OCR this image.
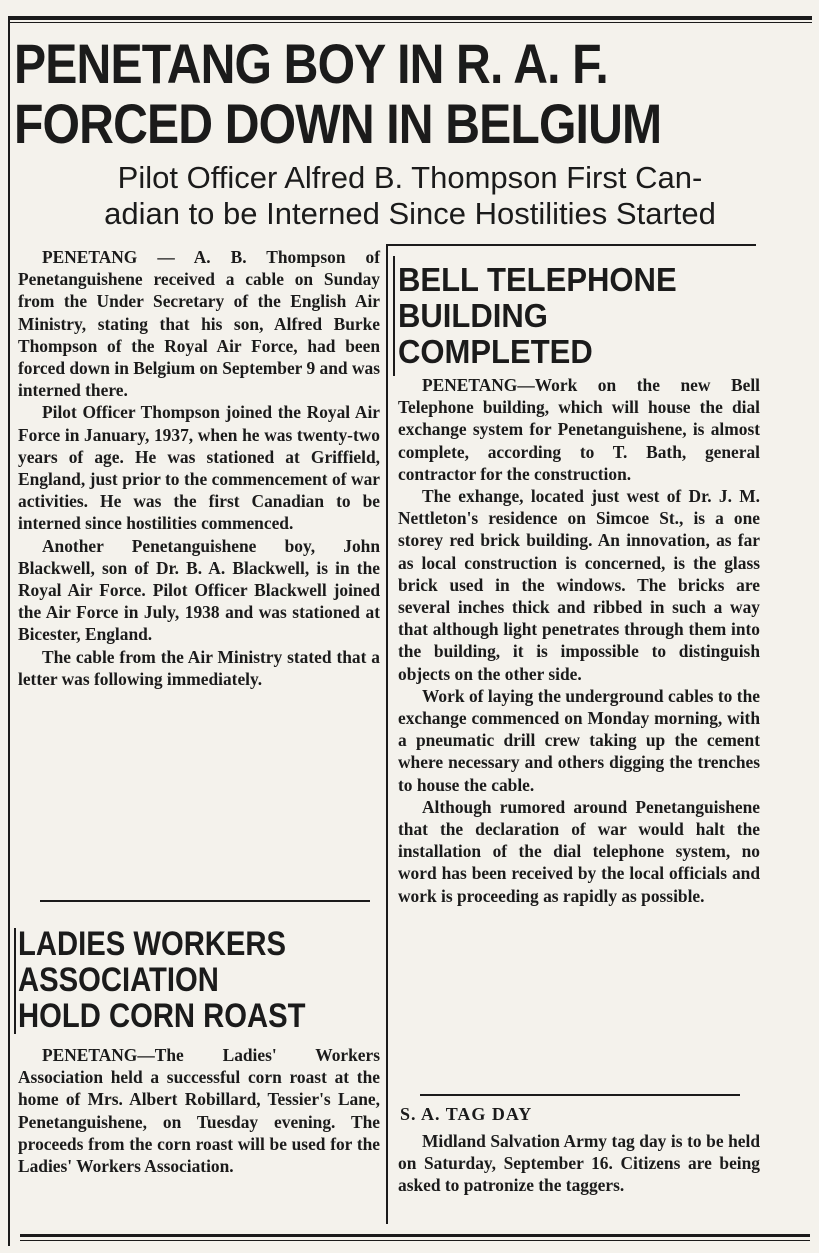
PENETANG BOY IN R. A. F.
FORCED DOWN IN BELGIUM
Pilot Officer Alfred B. Thompson First Can-
adian to be Interned Since Hostilities Started

PENETANG — A. B. Thompson of Penetanguishene received a cable on Sunday from the Under Secretary of the English Air Ministry, stating that his son, Alfred Burke Thompson of the Royal Air Force, had been forced down in Belgium on September 9 and was interned there.

Pilot Officer Thompson joined the Royal Air Force in January, 1937, when he was twenty-two years of age. He was stationed at Griffield, England, just prior to the commencement of war activities. He was the first Canadian to be interned since hostilities commenced.

Another Penetanguishene boy, John Blackwell, son of Dr. B. A. Blackwell, is in the Royal Air Force. Pilot Officer Blackwell joined the Air Force in July, 1938 and was stationed at Bicester, England.

The cable from the Air Ministry stated that a letter was following immediately.

BELL TELEPHONE
BUILDING
COMPLETED

PENETANG—Work on the new Bell Telephone building, which will house the dial exchange system for Penetanguishene, is almost complete, according to T. Bath, general contractor for the construction.

The exhange, located just west of Dr. J. M. Nettleton's residence on Simcoe St., is a one storey red brick building. An innovation, as far as local construction is concerned, is the glass brick used in the windows. The bricks are several inches thick and ribbed in such a way that although light penetrates through them into the building, it is impossible to distinguish objects on the other side.

Work of laying the underground cables to the exchange commenced on Monday morning, with a pneumatic drill crew taking up the cement where necessary and others digging the trenches to house the cable.

Although rumored around Penetanguishene that the declaration of war would halt the installation of the dial telephone system, no word has been received by the local officials and work is proceeding as rapidly as possible.

LADIES WORKERS
ASSOCIATION
HOLD CORN ROAST

PENETANG—The Ladies' Workers Association held a successful corn roast at the home of Mrs. Albert Robillard, Tessier's Lane, Penetanguishene, on Tuesday evening. The proceeds from the corn roast will be used for the Ladies' Workers Association.

S. A. TAG DAY

Midland Salvation Army tag day is to be held on Saturday, September 16. Citizens are being asked to patronize the taggers.
